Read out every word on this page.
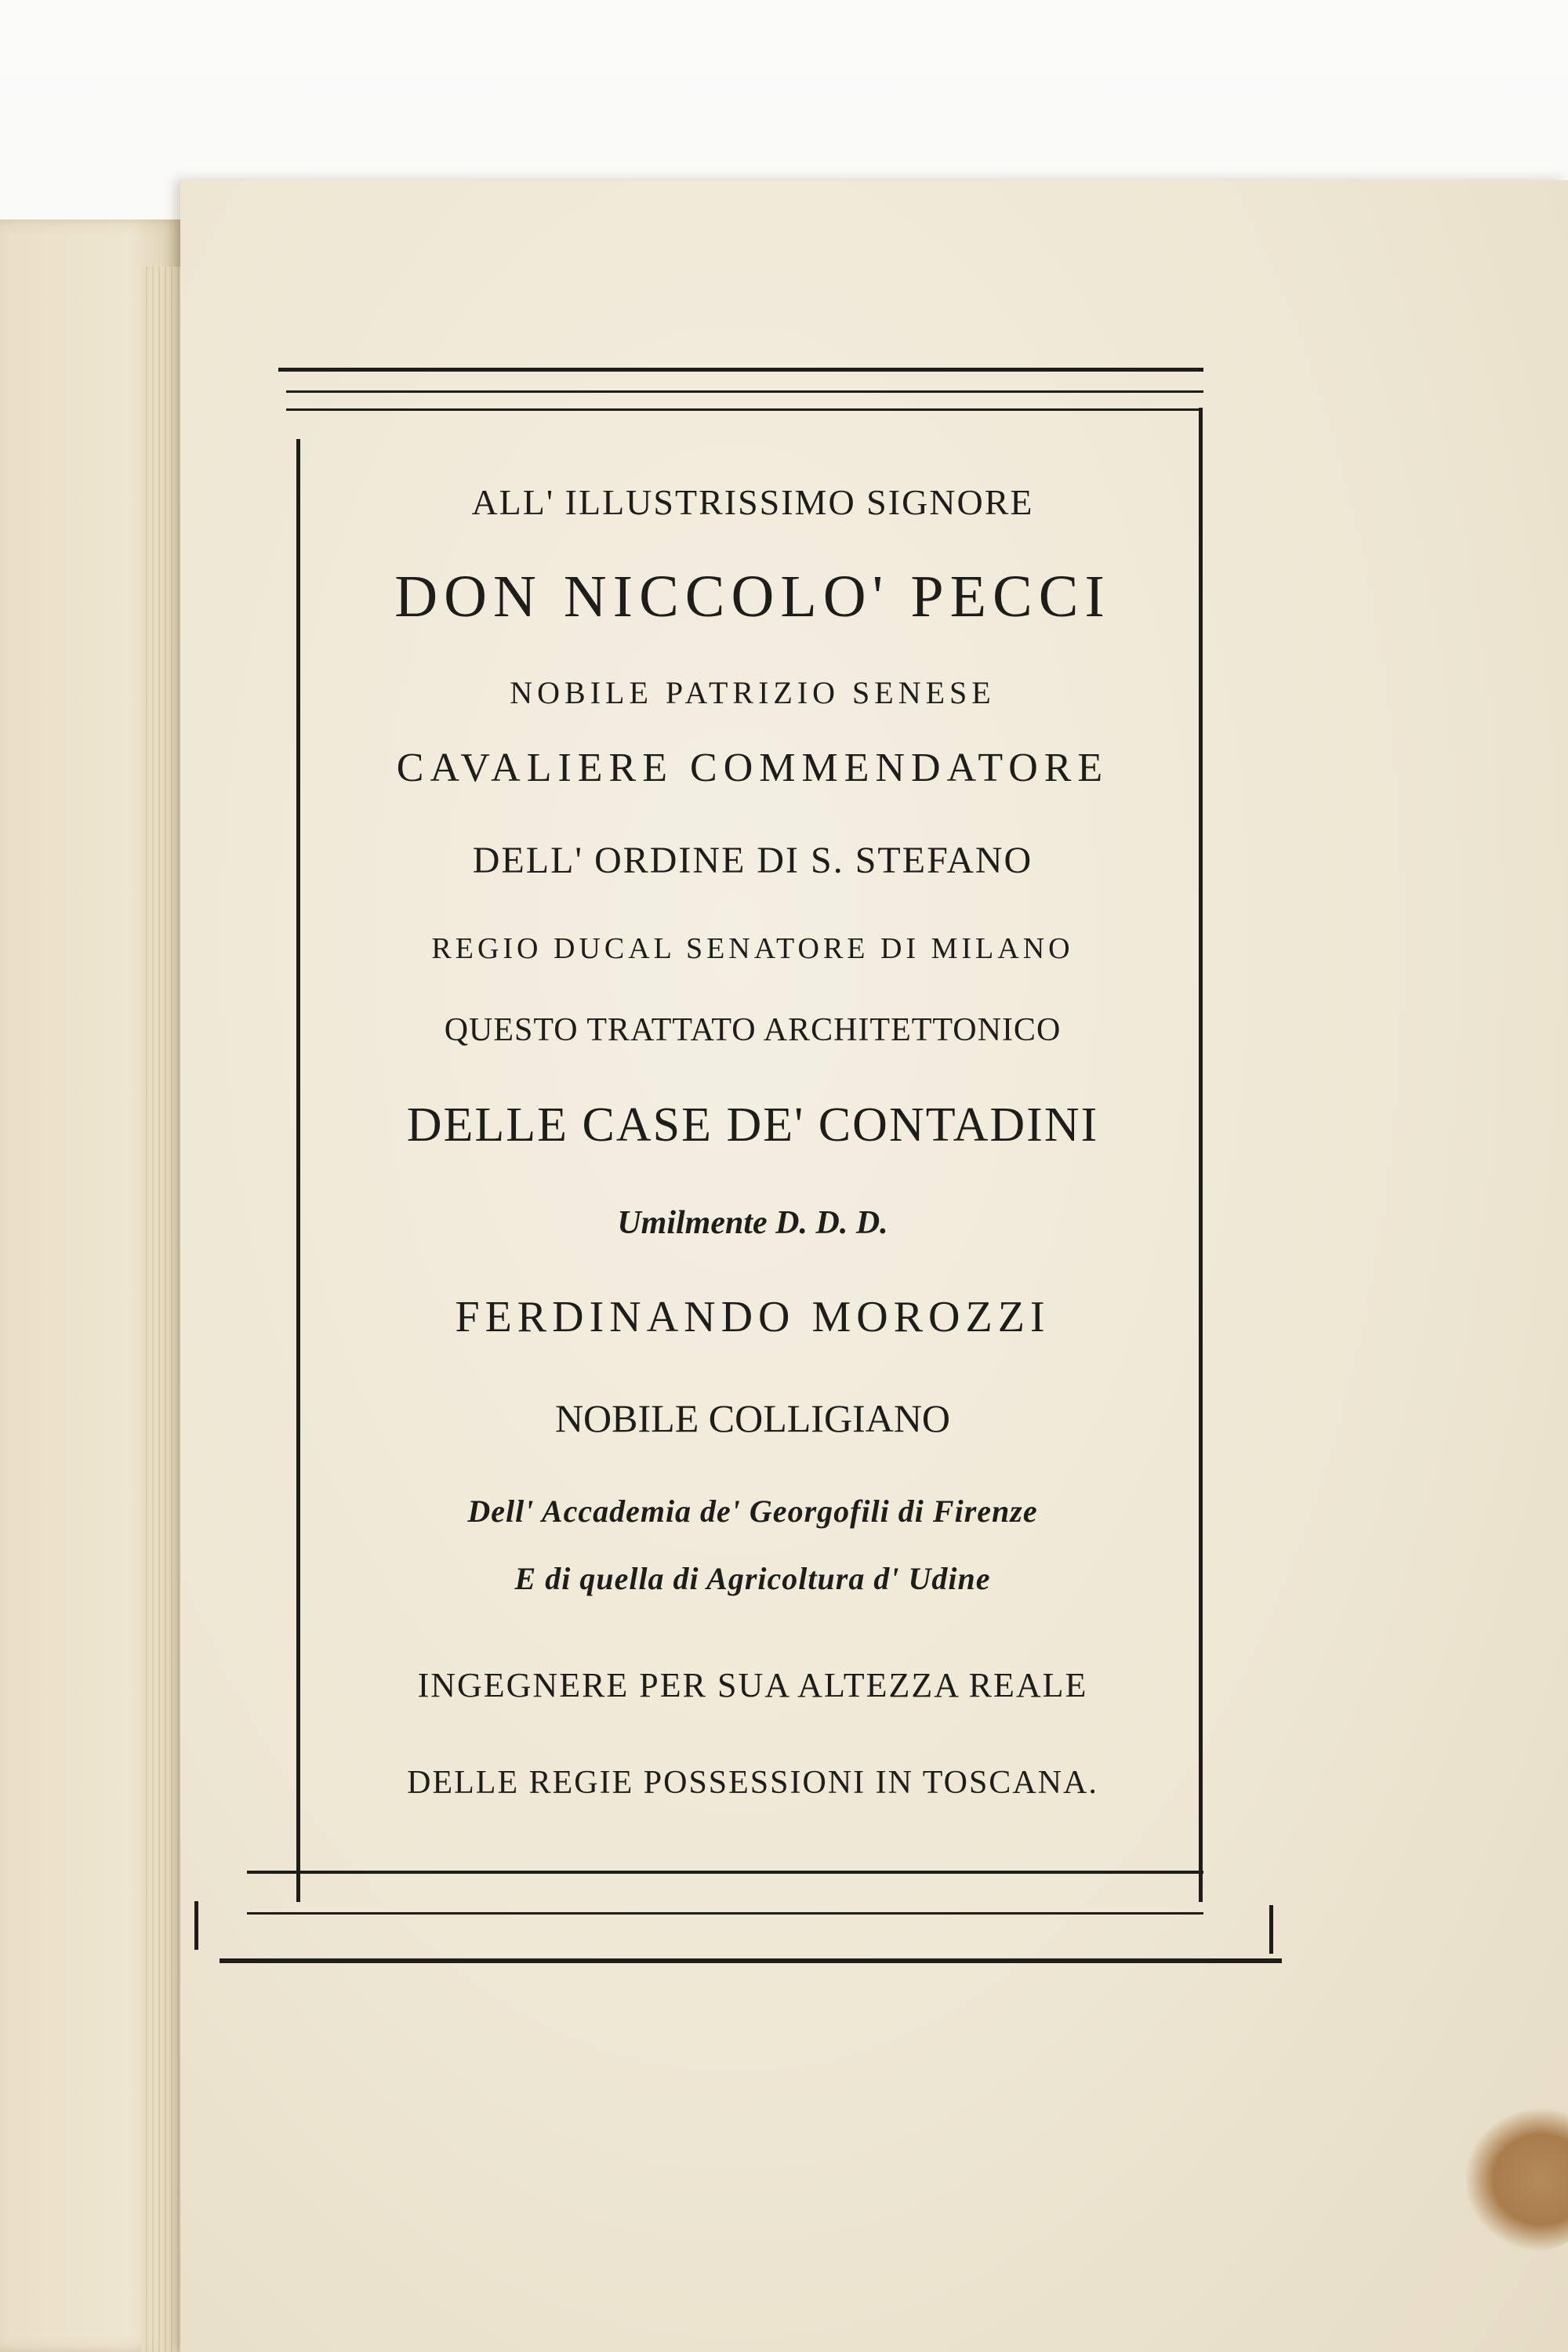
ALL' ILLUSTRISSIMO SIGNORE

DON NICCOLO' PECCI

NOBILE PATRIZIO SENESE

CAVALIERE COMMENDATORE

DELL' ORDINE DI S. STEFANO

REGIO DUCAL SENATORE DI MILANO

QUESTO TRATTATO ARCHITETTONICO

DELLE CASE DE' CONTADINI

Umilmente D. D. D.

FERDINANDO MOROZZI

NOBILE COLLIGIANO

Dell' Accademia de' Georgofili di Firenze

E di quella di Agricoltura d' Udine

INGEGNERE PER SUA ALTEZZA REALE

DELLE REGIE POSSESSIONI IN TOSCANA.
